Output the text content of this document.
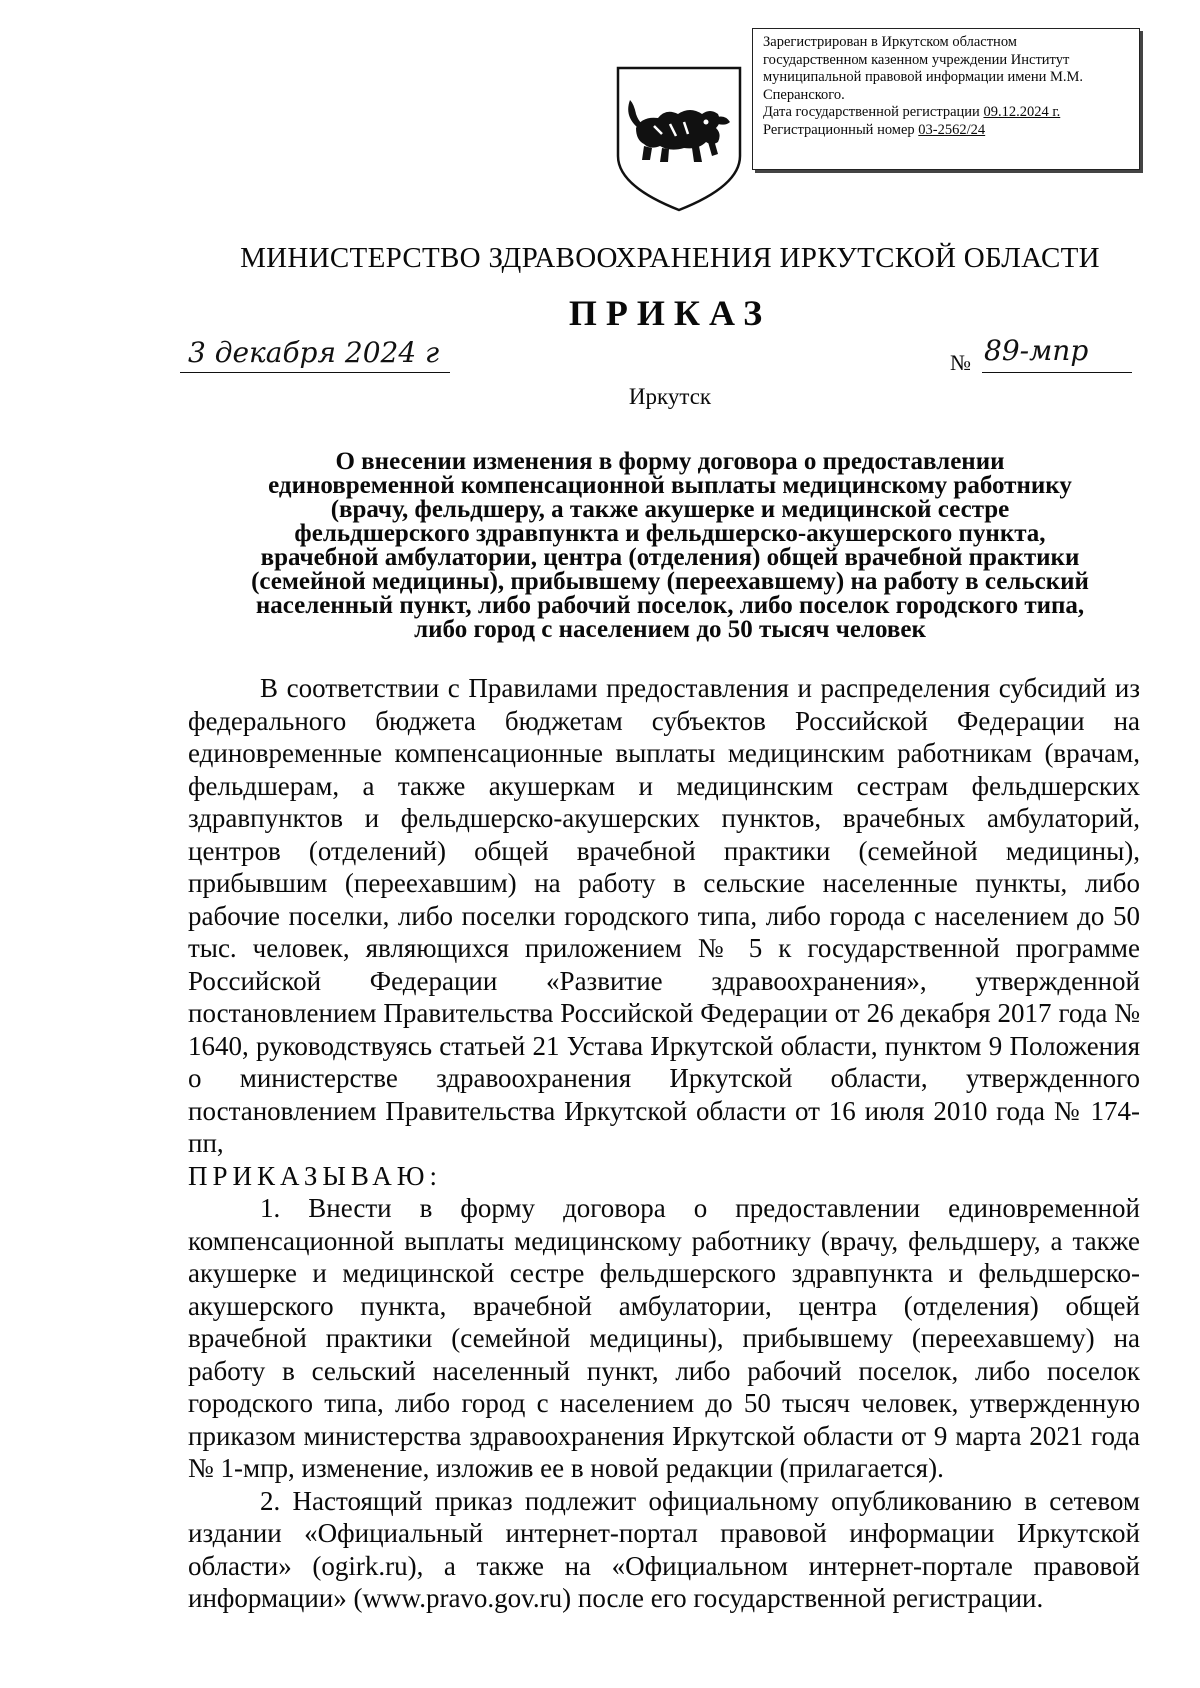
Зарегистрирован в Иркутском областном
государственном казенном учреждении Институт
муниципальной правовой информации имени М.М.
Сперанского.
Дата государственной регистрации 09.12.2024 г.
Регистрационный номер 03-2562/24
МИНИСТЕРСТВО ЗДРАВООХРАНЕНИЯ ИРКУТСКОЙ ОБЛАСТИ
ПРИКАЗ
3 декабря 2024 г	№ 89-мпр
Иркутск
О внесении изменения в форму договора о предоставлении
единовременной компенсационной выплаты медицинскому работнику
(врачу, фельдшеру, а также акушерке и медицинской сестре
фельдшерского здравпункта и фельдшерско-акушерского пункта,
врачебной амбулатории, центра (отделения) общей врачебной практики
(семейной медицины), прибывшему (переехавшему) на работу в сельский
населенный пункт, либо рабочий поселок, либо поселок городского типа,
либо город с населением до 50 тысяч человек

В соответствии с Правилами предоставления и распределения субсидий из федерального бюджета бюджетам субъектов Российской Федерации на единовременные компенсационные выплаты медицинским работникам (врачам, фельдшерам, а также акушеркам и медицинским сестрам фельдшерских здравпунктов и фельдшерско-акушерских пунктов, врачебных амбулаторий, центров (отделений) общей врачебной практики (семейной медицины), прибывшим (переехавшим) на работу в сельские населенные пункты, либо рабочие поселки, либо поселки городского типа, либо города с населением до 50 тыс. человек, являющихся приложением № 5 к государственной программе Российской Федерации «Развитие здравоохранения», утвержденной постановлением Правительства Российской Федерации от 26 декабря 2017 года № 1640, руководствуясь статьей 21 Устава Иркутской области, пунктом 9 Положения о министерстве здравоохранения Иркутской области, утвержденного постановлением Правительства Иркутской области от 16 июля 2010 года № 174-пп,

ПРИКАЗЫВАЮ:

1. Внести в форму договора о предоставлении единовременной компенсационной выплаты медицинскому работнику (врачу, фельдшеру, а также акушерке и медицинской сестре фельдшерского здравпункта и фельдшерско-акушерского пункта, врачебной амбулатории, центра (отделения) общей врачебной практики (семейной медицины), прибывшему (переехавшему) на работу в сельский населенный пункт, либо рабочий поселок, либо поселок городского типа, либо город с населением до 50 тысяч человек, утвержденную приказом министерства здравоохранения Иркутской области от 9 марта 2021 года № 1-мпр, изменение, изложив ее в новой редакции (прилагается).

2. Настоящий приказ подлежит официальному опубликованию в сетевом издании «Официальный интернет-портал правовой информации Иркутской области» (ogirk.ru), а также на «Официальном интернет-портале правовой информации» (www.pravo.gov.ru) после его государственной регистрации.
